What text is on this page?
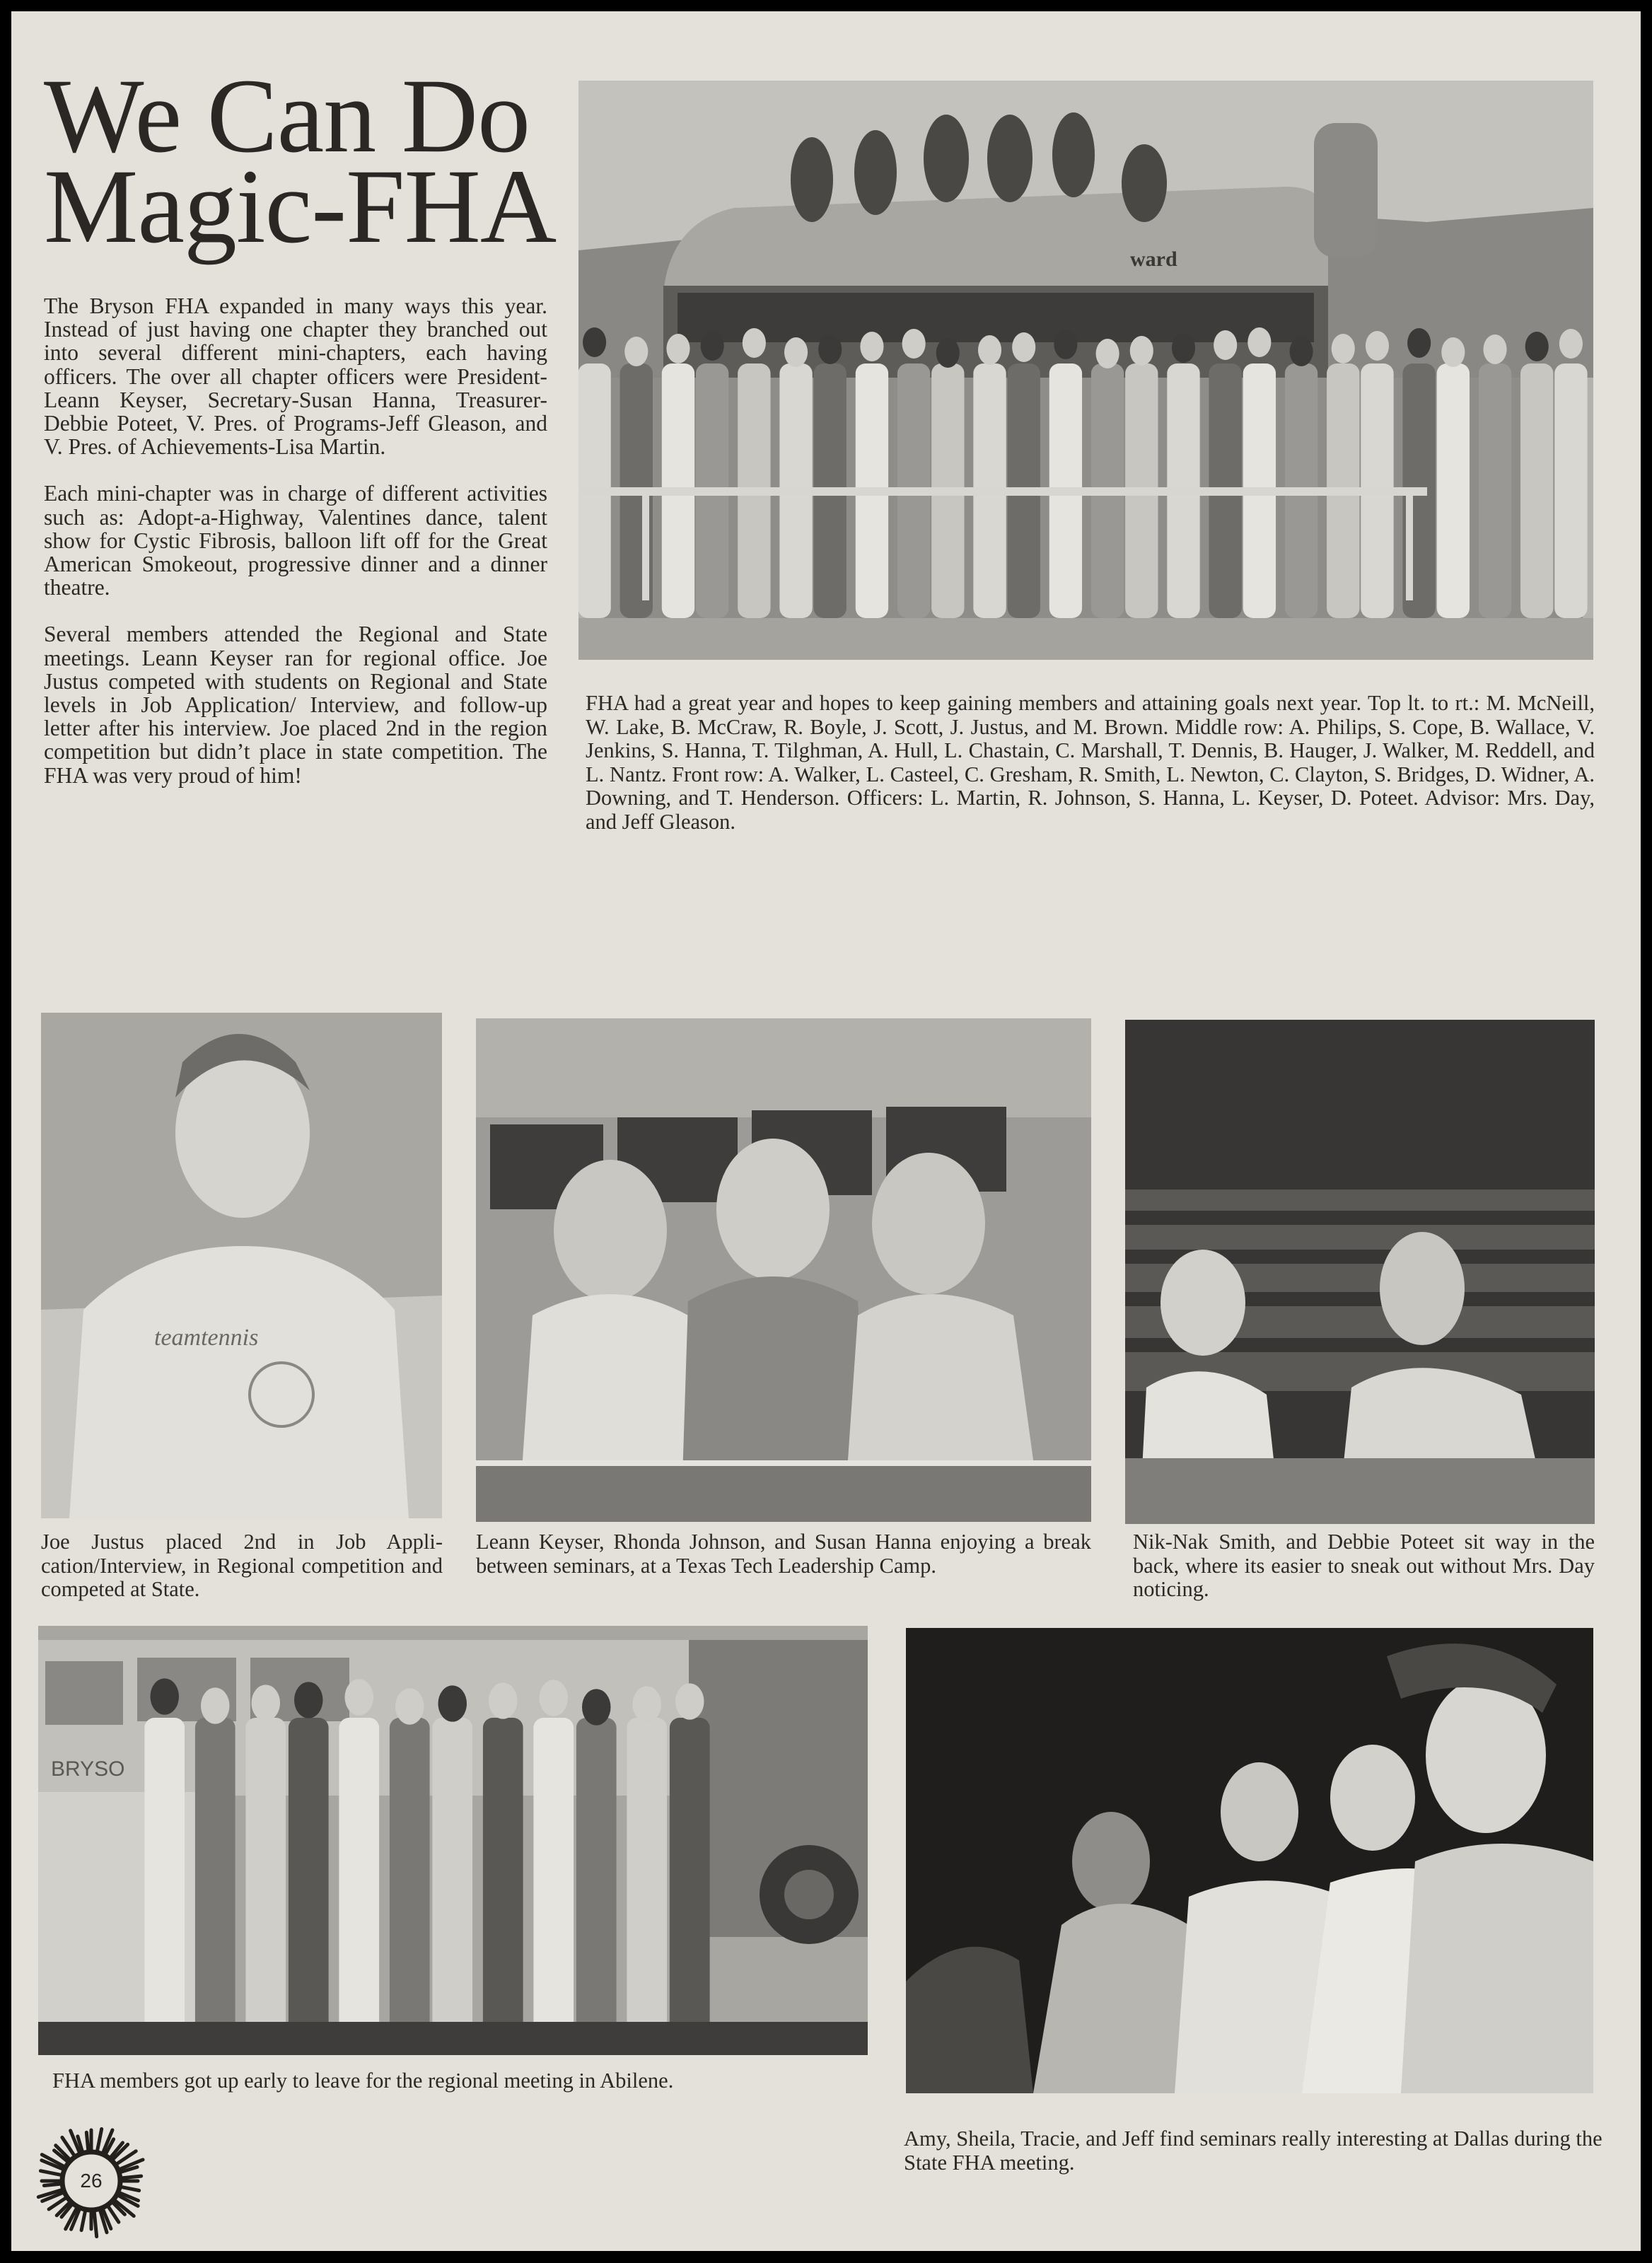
We Can Do
Magic-FHA

The Bryson FHA expanded in many ways this year. Instead of just having one chapter they branched out into several different mini-chapters, each having officers. The over all chapter officers were President-Leann Keyser, Secretary-Susan Hanna, Treasurer-Debbie Poteet, V. Pres. of Programs-Jeff Gleason, and V. Pres. of Achievements-Lisa Martin.

Each mini-chapter was in charge of different activities such as: Adopt-a-Highway, Valentines dance, talent show for Cystic Fibrosis, balloon lift off for the Great American Smokeout, progressive dinner and a dinner theatre.

Several members attended the Regional and State meetings. Leann Keyser ran for regional office. Joe Justus competed with students on Regional and State levels in Job Application/ Interview, and follow-up letter after his interview. Joe placed 2nd in the region competition but didn’t place in state competition. The FHA was very proud of him!

ward
FHA had a great year and hopes to keep gaining members and attaining goals next year. Top lt. to rt.: M. McNeill, W. Lake, B. McCraw, R. Boyle, J. Scott, J. Justus, and M. Brown. Middle row: A. Philips, S. Cope, B. Wallace, V. Jenkins, S. Hanna, T. Tilghman, A. Hull, L. Chastain, C. Marshall, T. Dennis, B. Hauger, J. Walker, M. Reddell, and L. Nantz. Front row: A. Walker, L. Casteel, C. Gresham, R. Smith, L. Newton, C. Clayton, S. Bridges, D. Widner, A. Downing, and T. Henderson. Officers: L. Martin, R. Johnson, S. Hanna, L. Keyser, D. Poteet. Advisor: Mrs. Day, and Jeff Gleason.
teamtennis
Joe Justus placed 2nd in Job Application/Interview, in Regional competition and competed at State.
Leann Keyser, Rhonda Johnson, and Susan Hanna enjoying a break between seminars, at a Texas Tech Leadership Camp.
Nik-Nak Smith, and Debbie Poteet sit way in the back, where its easier to sneak out without Mrs. Day noticing.
BRYSO
FHA members got up early to leave for the regional meeting in Abilene.
Amy, Sheila, Tracie, and Jeff find seminars really interesting at Dallas during the State FHA meeting.
26
